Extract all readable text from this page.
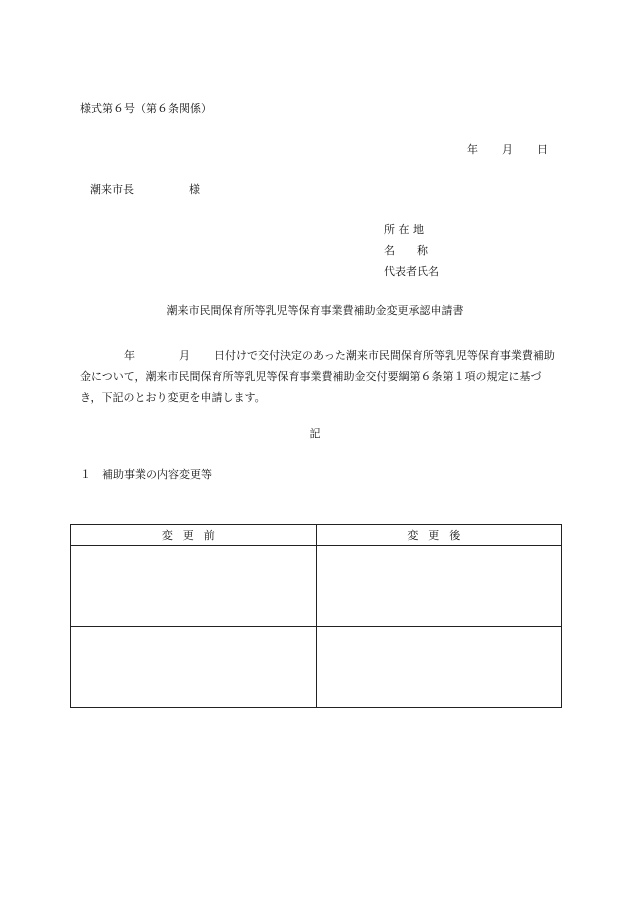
様式第６号（第６条関係）
年 月 日
潮来市長	様
所 在 地
名　　称
代表者氏名
潮来市民間保育所等乳児等保育事業費補助金変更承認申請書
年	月 日付けで交付決定のあった潮来市民間保育所等乳児等保育事業費補助金について，潮来市民間保育所等乳児等保育事業費補助金交付要綱第６条第１項の規定に基づき，下記のとおり変更を申請します。
記
１ 補助事業の内容変更等
変更前	変更後
